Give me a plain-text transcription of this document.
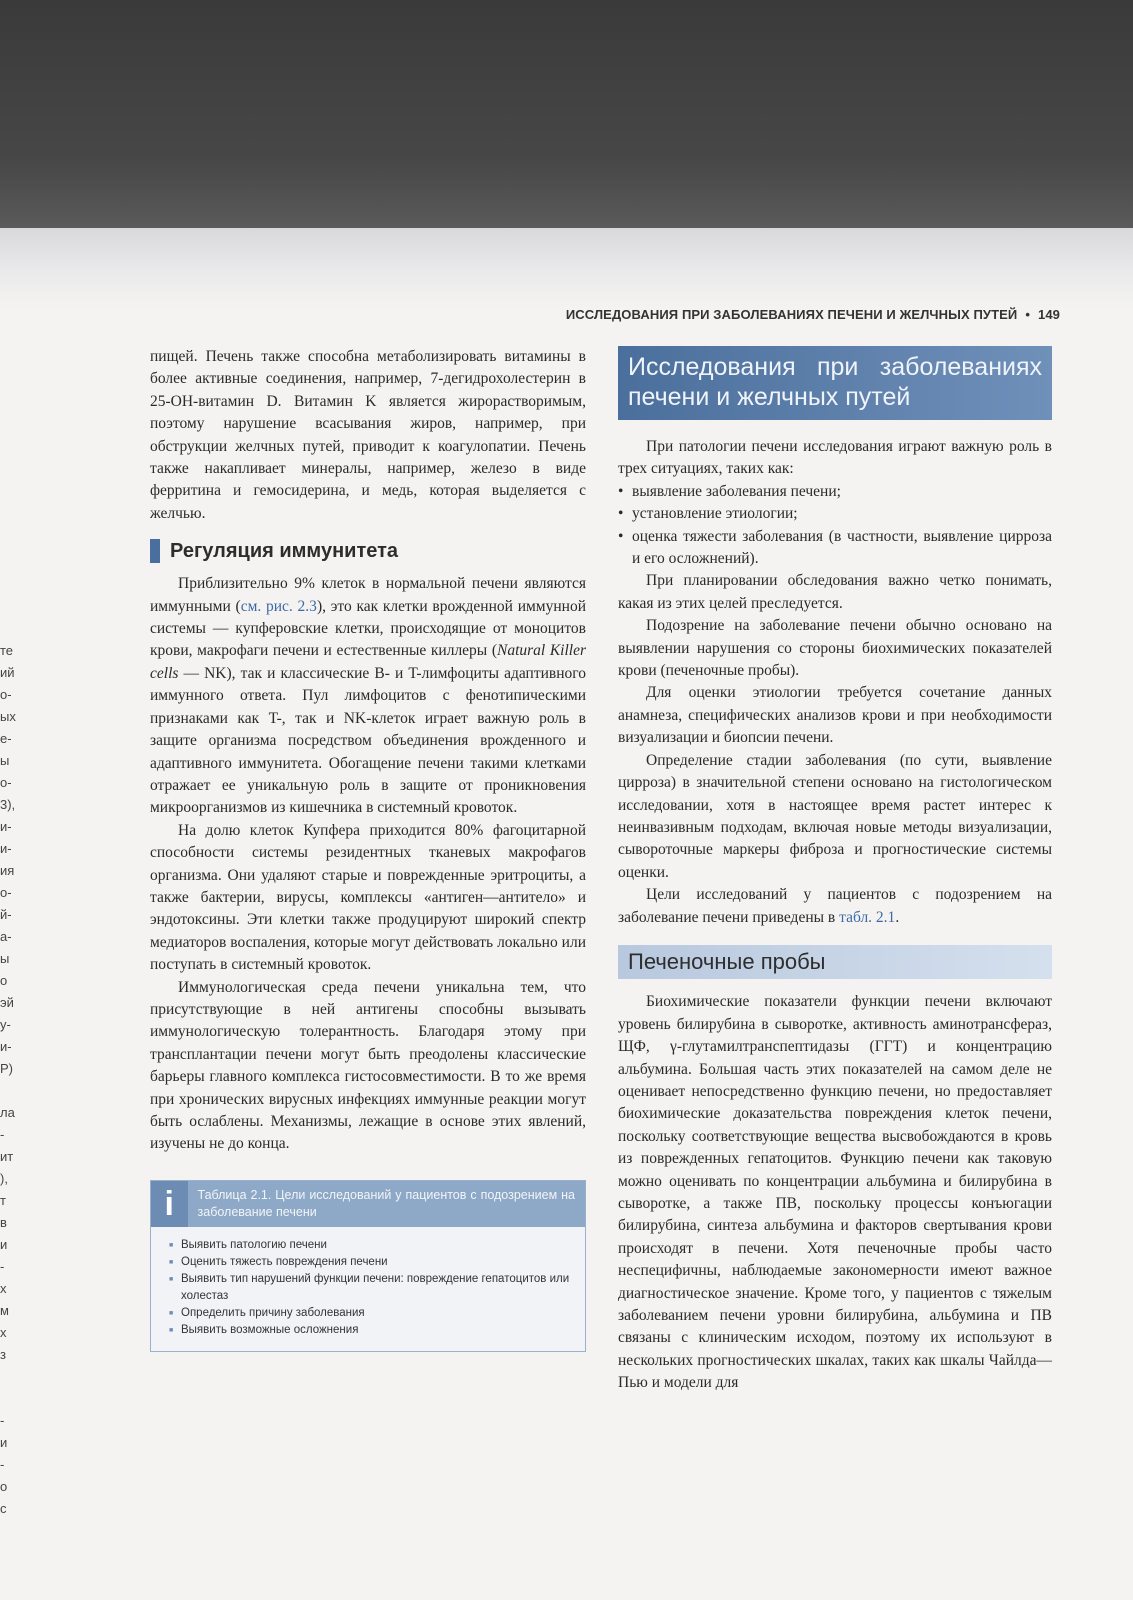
те
ий
о-
ых
е-
ы
о-
3),
и-
и-
ия
о-
й-
а-
ы
о
эй
у-
и-
Р)

ла
-
ит
),
т
в
и
-
х
м
х
з

-
и
-
о
с
ИССЛЕДОВАНИЯ ПРИ ЗАБОЛЕВАНИЯХ ПЕЧЕНИ И ЖЕЛЧНЫХ ПУТЕЙ • 149

пищей. Печень также способна метаболизировать витамины в более активные соединения, например, 7-дегидрохолестерин в 25-ОН-витамин D. Витамин K является жирорастворимым, поэтому нарушение всасывания жиров, например, при обструкции желчных путей, приводит к коагулопатии. Печень также накапливает минералы, например, железо в виде ферритина и гемосидерина, и медь, которая выделяется с желчью.

Регуляция иммунитета

Приблизительно 9% клеток в нормальной печени являются иммунными (см. рис. 2.3), это как клетки врожденной иммунной системы — купферовские клетки, происходящие от моноцитов крови, макрофаги печени и естественные киллеры (Natural Killer cells — NK), так и классические B- и T-лимфоциты адаптивного иммунного ответа. Пул лимфоцитов с фенотипическими признаками как T-, так и NK-клеток играет важную роль в защите организма посредством объединения врожденного и адаптивного иммунитета. Обогащение печени такими клетками отражает ее уникальную роль в защите от проникновения микроорганизмов из кишечника в системный кровоток.

На долю клеток Купфера приходится 80% фагоцитарной способности системы резидентных тканевых макрофагов организма. Они удаляют старые и поврежденные эритроциты, а также бактерии, вирусы, комплексы «антиген—антитело» и эндотоксины. Эти клетки также продуцируют широкий спектр медиаторов воспаления, которые могут действовать локально или поступать в системный кровоток.

Иммунологическая среда печени уникальна тем, что присутствующие в ней антигены способны вызывать иммунологическую толерантность. Благодаря этому при трансплантации печени могут быть преодолены классические барьеры главного комплекса гистосовместимости. В то же время при хронических вирусных инфекциях иммунные реакции могут быть ослаблены. Механизмы, лежащие в основе этих явлений, изучены не до конца.

i	Таблица 2.1. Цели исследований у пациентов с подозрением на заболевание печени
■ Выявить патологию печени
■ Оценить тяжесть повреждения печени
■ Выявить тип нарушений функции печени: повреждение гепатоцитов или холестаз
■ Определить причину заболевания
■ Выявить возможные осложнения
Исследования при заболеваниях печени и желчных путей

При патологии печени исследования играют важную роль в трех ситуациях, таких как:

• выявление заболевания печени;
• установление этиологии;
• оценка тяжести заболевания (в частности, выявление цирроза и его осложнений).

При планировании обследования важно четко понимать, какая из этих целей преследуется.

Подозрение на заболевание печени обычно основано на выявлении нарушения со стороны биохимических показателей крови (печеночные пробы).

Для оценки этиологии требуется сочетание данных анамнеза, специфических анализов крови и при необходимости визуализации и биопсии печени.

Определение стадии заболевания (по сути, выявление цирроза) в значительной степени основано на гистологическом исследовании, хотя в настоящее время растет интерес к неинвазивным подходам, включая новые методы визуализации, сывороточные маркеры фиброза и прогностические системы оценки.

Цели исследований у пациентов с подозрением на заболевание печени приведены в табл. 2.1.

Печеночные пробы

Биохимические показатели функции печени включают уровень билирубина в сыворотке, активность аминотрансфераз, ЩФ, γ-глутамилтранспептидазы (ГГТ) и концентрацию альбумина. Большая часть этих показателей на самом деле не оценивает непосредственно функцию печени, но предоставляет биохимические доказательства повреждения клеток печени, поскольку соответствующие вещества высвобождаются в кровь из поврежденных гепатоцитов. Функцию печени как таковую можно оценивать по концентрации альбумина и билирубина в сыворотке, а также ПВ, поскольку процессы конъюгации билирубина, синтеза альбумина и факторов свертывания крови происходят в печени. Хотя печеночные пробы часто неспецифичны, наблюдаемые закономерности имеют важное диагностическое значение. Кроме того, у пациентов с тяжелым заболеванием печени уровни билирубина, альбумина и ПВ связаны с клиническим исходом, поэтому их используют в нескольких прогностических шкалах, таких как шкалы Чайлда—Пью и модели для
